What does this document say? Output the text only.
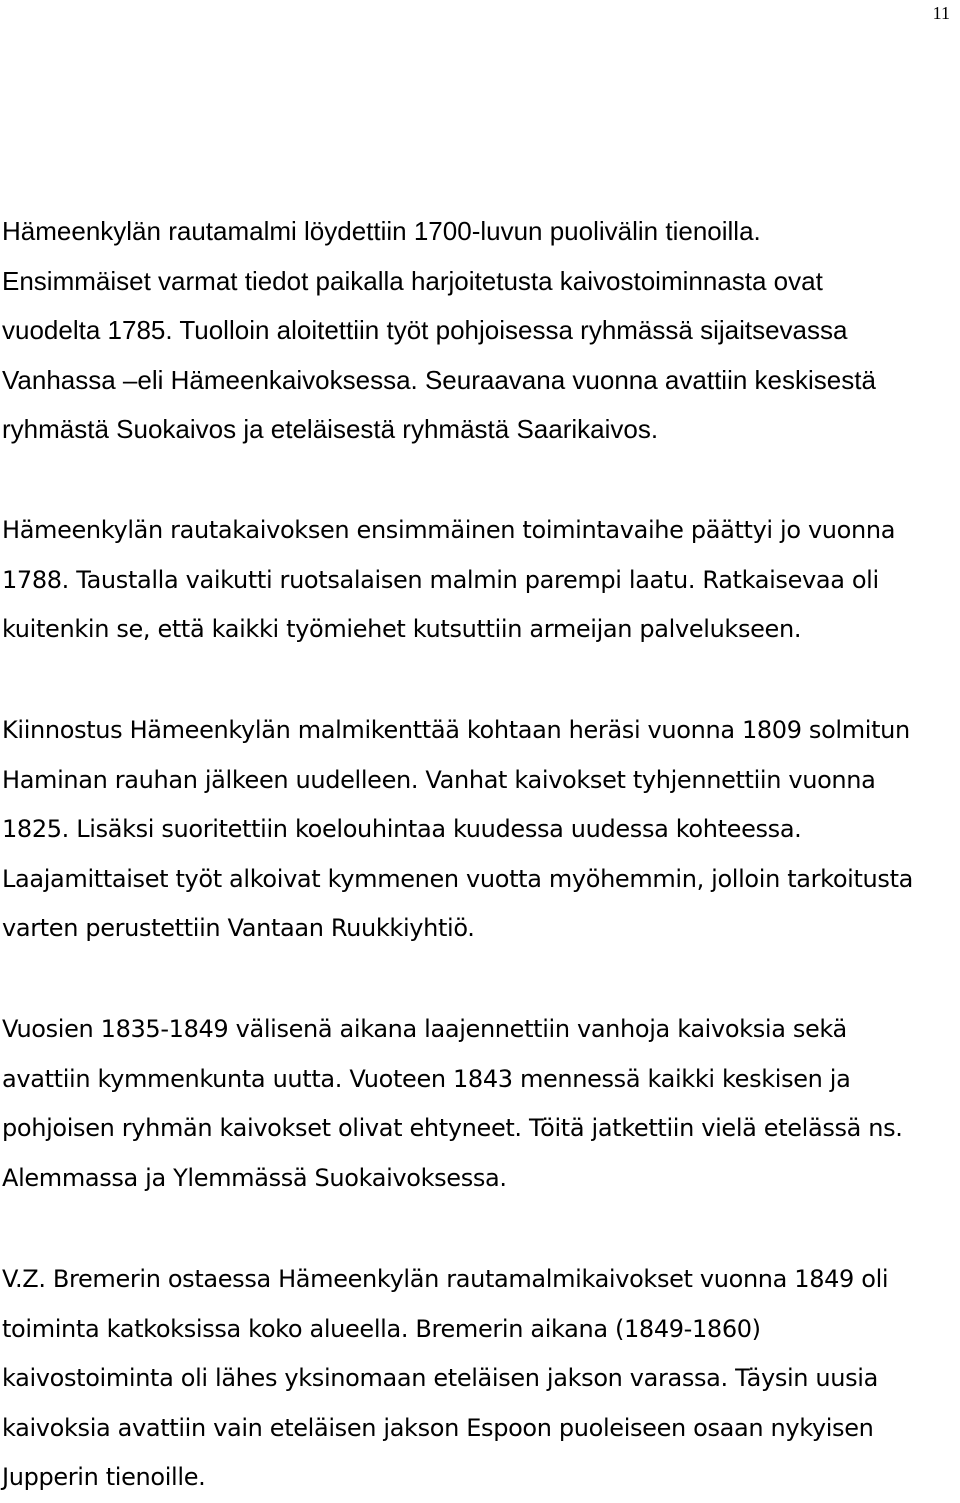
11

Hämeenkylän rautamalmi löydettiin 1700-luvun puolivälin tienoilla.
Ensimmäiset varmat tiedot paikalla harjoitetusta kaivostoiminnasta ovat
vuodelta 1785. Tuolloin aloitettiin työt pohjoisessa ryhmässä sijaitsevassa
Vanhassa –eli Hämeenkaivoksessa. Seuraavana vuonna avattiin keskisestä
ryhmästä Suokaivos ja eteläisestä ryhmästä Saarikaivos.

Hämeenkylän rautakaivoksen ensimmäinen toimintavaihe päättyi jo vuonna
1788. Taustalla vaikutti ruotsalaisen malmin parempi laatu. Ratkaisevaa oli
kuitenkin se, että kaikki työmiehet kutsuttiin armeijan palvelukseen.

Kiinnostus Hämeenkylän malmikenttää kohtaan heräsi vuonna 1809 solmitun
Haminan rauhan jälkeen uudelleen. Vanhat kaivokset tyhjennettiin vuonna
1825. Lisäksi suoritettiin koelouhintaa kuudessa uudessa kohteessa.
Laajamittaiset työt alkoivat kymmenen vuotta myöhemmin, jolloin tarkoitusta
varten perustettiin Vantaan Ruukkiyhtiö.

Vuosien 1835-1849 välisenä aikana laajennettiin vanhoja kaivoksia sekä
avattiin kymmenkunta uutta. Vuoteen 1843 mennessä kaikki keskisen ja
pohjoisen ryhmän kaivokset olivat ehtyneet. Töitä jatkettiin vielä etelässä ns.
Alemmassa ja Ylemmässä Suokaivoksessa.

V.Z. Bremerin ostaessa Hämeenkylän rautamalmikaivokset vuonna 1849 oli
toiminta katkoksissa koko alueella. Bremerin aikana (1849-1860)
kaivostoiminta oli lähes yksinomaan eteläisen jakson varassa. Täysin uusia
kaivoksia avattiin vain eteläisen jakson Espoon puoleiseen osaan nykyisen
Jupperin tienoille.
